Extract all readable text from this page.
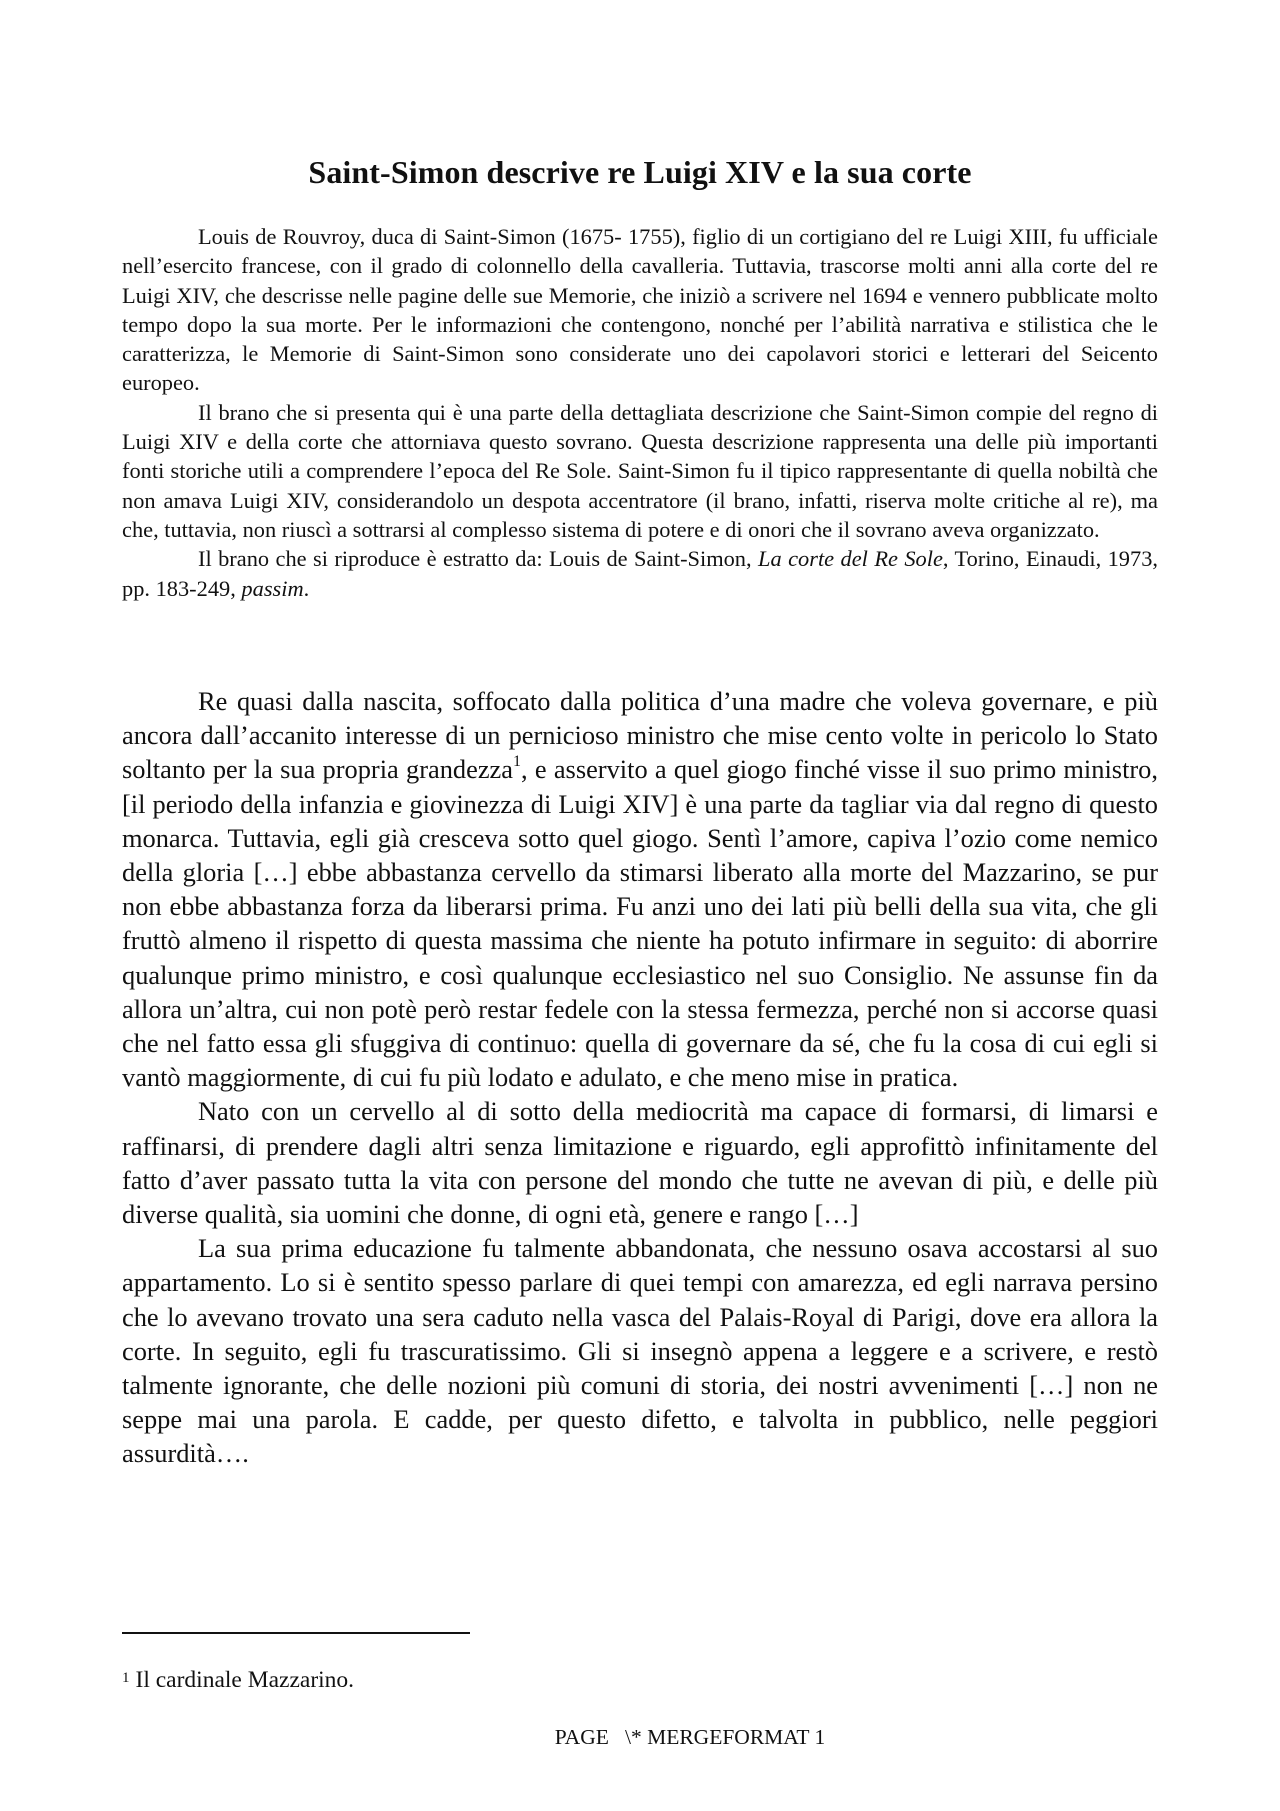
Saint-Simon descrive re Luigi XIV e la sua corte

Louis de Rouvroy, duca di Saint-Simon (1675- 1755), figlio di un cortigiano del re Luigi XIII, fu ufficiale nell’esercito francese, con il grado di colonnello della cavalleria. Tuttavia, trascorse molti anni alla corte del re Luigi XIV, che descrisse nelle pagine delle sue Memorie, che iniziò a scrivere nel 1694 e vennero pubblicate molto tempo dopo la sua morte. Per le informazioni che contengono, nonché per l’abilità narrativa e stilistica che le caratterizza, le Memorie di Saint-Simon sono considerate uno dei capolavori storici e letterari del Seicento europeo.

Il brano che si presenta qui è una parte della dettagliata descrizione che Saint-Simon compie del regno di Luigi XIV e della corte che attorniava questo sovrano. Questa descrizione rappresenta una delle più importanti fonti storiche utili a comprendere l’epoca del Re Sole. Saint-Simon fu il tipico rappresentante di quella nobiltà che non amava Luigi XIV, considerandolo un despota accentratore (il brano, infatti, riserva molte critiche al re), ma che, tuttavia, non riuscì a sottrarsi al complesso sistema di potere e di onori che il sovrano aveva organizzato.

Il brano che si riproduce è estratto da: Louis de Saint-Simon, La corte del Re Sole, Torino, Einaudi, 1973, pp. 183-249, passim.

Re quasi dalla nascita, soffocato dalla politica d’una madre che voleva governare, e più ancora dall’accanito interesse di un pernicioso ministro che mise cento volte in pericolo lo Stato soltanto per la sua propria grandezza$^1$, e asservito a quel giogo finché visse il suo primo ministro, [il periodo della infanzia e giovinezza di Luigi XIV] è una parte da tagliar via dal regno di questo monarca. Tuttavia, egli già cresceva sotto quel giogo. Sentì l’amore, capiva l’ozio come nemico della gloria […] ebbe abbastanza cervello da stimarsi liberato alla morte del Mazzarino, se pur non ebbe abbastanza forza da liberarsi prima. Fu anzi uno dei lati più belli della sua vita, che gli fruttò almeno il rispetto di questa massima che niente ha potuto infirmare in seguito: di aborrire qualunque primo ministro, e così qualunque ecclesiastico nel suo Consiglio. Ne assunse fin da allora un’altra, cui non potè però restar fedele con la stessa fermezza, perché non si accorse quasi che nel fatto essa gli sfuggiva di continuo: quella di governare da sé, che fu la cosa di cui egli si vantò maggiormente, di cui fu più lodato e adulato, e che meno mise in pratica.

Nato con un cervello al di sotto della mediocrità ma capace di formarsi, di limarsi e raffinarsi, di prendere dagli altri senza limitazione e riguardo, egli approfittò infinitamente del fatto d’aver passato tutta la vita con persone del mondo che tutte ne avevan di più, e delle più diverse qualità, sia uomini che donne, di ogni età, genere e rango […]

La sua prima educazione fu talmente abbandonata, che nessuno osava accostarsi al suo appartamento. Lo si è sentito spesso parlare di quei tempi con amarezza, ed egli narrava persino che lo avevano trovato una sera caduto nella vasca del Palais-Royal di Parigi, dove era allora la corte. In seguito, egli fu trascuratissimo. Gli si insegnò appena a leggere e a scrivere, e restò talmente ignorante, che delle nozioni più comuni di storia, dei nostri avvenimenti […] non ne seppe mai una parola. E cadde, per questo difetto, e talvolta in pubblico, nelle peggiori assurdità….

$^1$ Il cardinale Mazzarino.

PAGE   \* MERGEFORMAT 1
